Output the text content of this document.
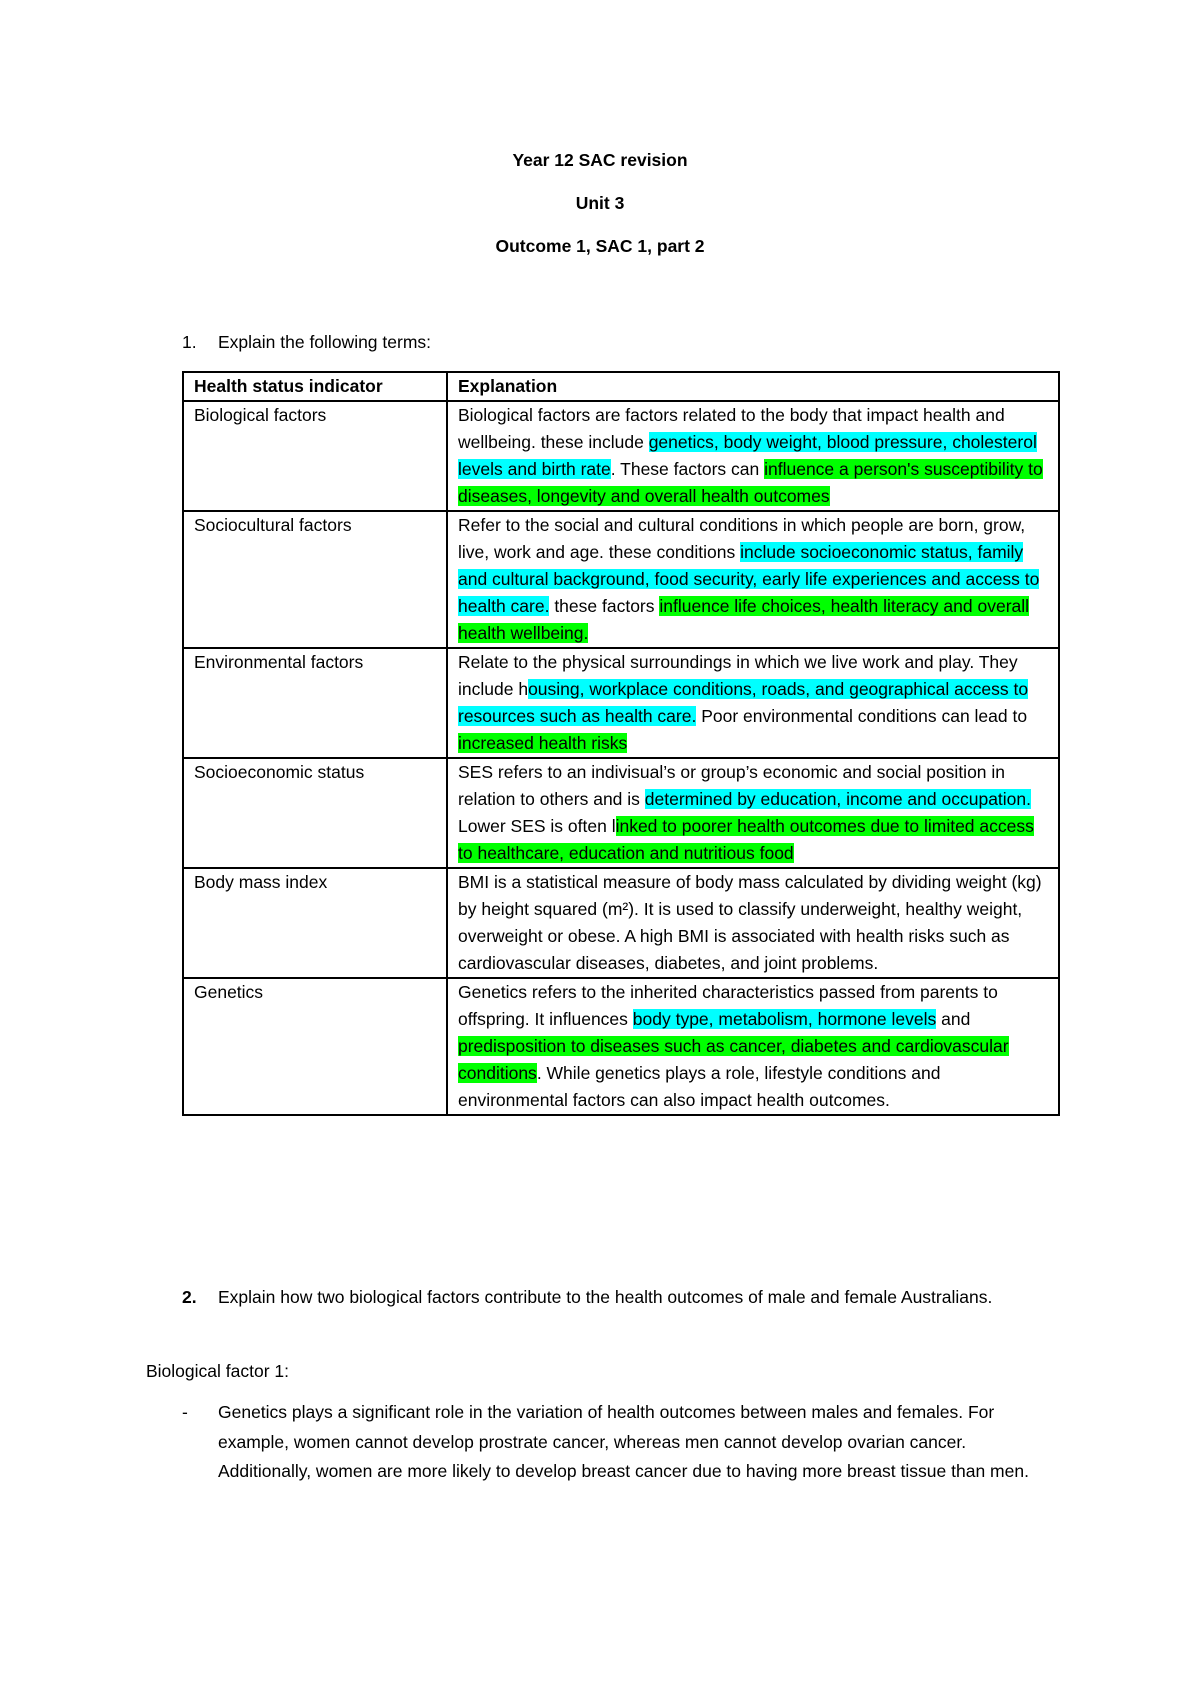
Year 12 SAC revision
Unit 3
Outcome 1, SAC 1, part 2
1. Explain the following terms:
Health status indicator	Explanation
Biological factors	Biological factors are factors related to the body that impact health and wellbeing. these include genetics, body weight, blood pressure, cholesterol levels and birth rate. These factors can influence a person's susceptibility to diseases, longevity and overall health outcomes
Sociocultural factors	Refer to the social and cultural conditions in which people are born, grow, live, work and age. these conditions include socioeconomic status, family and cultural background, food security, early life experiences and access to health care. these factors influence life choices, health literacy and overall health wellbeing.
Environmental factors	Relate to the physical surroundings in which we live work and play. They include housing, workplace conditions, roads, and geographical access to resources such as health care. Poor environmental conditions can lead to increased health risks
Socioeconomic status	SES refers to an indivisual’s or group’s economic and social position in relation to others and is determined by education, income and occupation. Lower SES is often linked to poorer health outcomes due to limited access to healthcare, education and nutritious food
Body mass index	BMI is a statistical measure of body mass calculated by dividing weight (kg) by height squared (m²). It is used to classify underweight, healthy weight, overweight or obese. A high BMI is associated with health risks such as cardiovascular diseases, diabetes, and joint problems.
Genetics	Genetics refers to the inherited characteristics passed from parents to offspring. It influences body type, metabolism, hormone levels and predisposition to diseases such as cancer, diabetes and cardiovascular conditions. While genetics plays a role, lifestyle conditions and environmental factors can also impact health outcomes.
2. Explain how two biological factors contribute to the health outcomes of male and female Australians.
Biological factor 1:
- Genetics plays a significant role in the variation of health outcomes between males and females. For example, women cannot develop prostrate cancer, whereas men cannot develop ovarian cancer. Additionally, women are more likely to develop breast cancer due to having more breast tissue than men.
